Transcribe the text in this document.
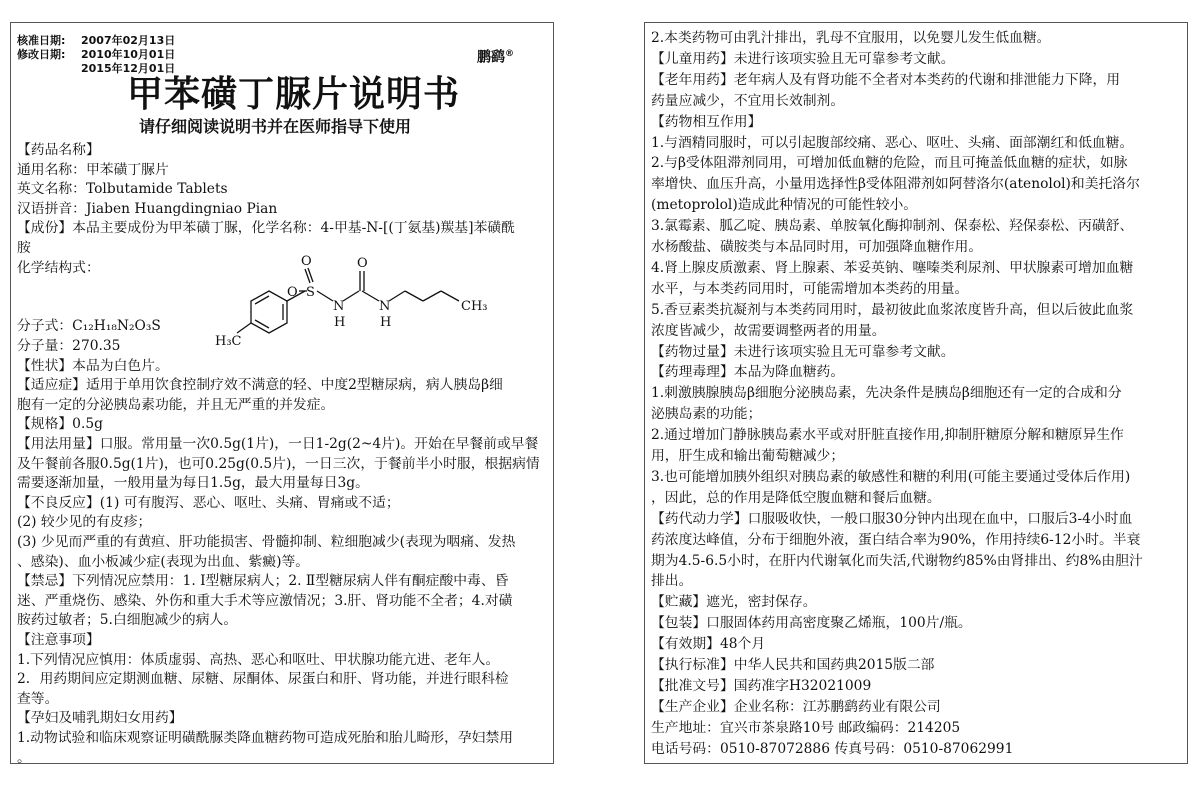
核准日期: 2007年02月13日
修改日期: 2010年10月01日
2015年12月01日
鹏鹞®
甲苯磺丁脲片说明书
请仔细阅读说明书并在医师指导下使用
【药品名称】
通用名称：甲苯磺丁脲片
英文名称：Tolbutamide Tablets
汉语拼音：Jiaben Huangdingniao Pian
【成份】本品主要成份为甲苯磺丁脲，化学名称：4-甲基-N-[(丁氨基)羰基]苯磺酰
胺
化学结构式：
分子式：C₁₂H₁₈N₂O₃S
分子量：270.35
【性状】本品为白色片。
【适应症】适用于单用饮食控制疗效不满意的轻、中度2型糖尿病，病人胰岛β细
胞有一定的分泌胰岛素功能，并且无严重的并发症。
【规格】0.5g
【用法用量】口服。常用量一次0.5g(1片)，一日1-2g(2~4片)。开始在早餐前或早餐
及午餐前各服0.5g(1片)，也可0.25g(0.5片)，一日三次，于餐前半小时服，根据病情
需要逐渐加量，一般用量为每日1.5g，最大用量每日3g。
【不良反应】(1) 可有腹泻、恶心、呕吐、头痛、胃痛或不适；
(2) 较少见的有皮疹；
(3) 少见而严重的有黄疸、肝功能损害、骨髓抑制、粒细胞减少(表现为咽痛、发热
、感染)、血小板减少症(表现为出血、紫癜)等。
【禁忌】下列情况应禁用：1. Ⅰ型糖尿病人；2. Ⅱ型糖尿病人伴有酮症酸中毒、昏
迷、严重烧伤、感染、外伤和重大手术等应激情况；3.肝、肾功能不全者；4.对磺
胺药过敏者；5.白细胞减少的病人。
【注意事项】
1.下列情况应慎用：体质虚弱、高热、恶心和呕吐、甲状腺功能亢进、老年人。
2．用药期间应定期测血糖、尿糖、尿酮体、尿蛋白和肝、肾功能，并进行眼科检
查等。
【孕妇及哺乳期妇女用药】
1.动物试验和临床观察证明磺酰脲类降血糖药物可造成死胎和胎儿畸形，孕妇禁用
。
O
O S
N
H
O
N
H
CH₃
H₃C
2.本类药物可由乳汁排出，乳母不宜服用，以免婴儿发生低血糖。
【儿童用药】未进行该项实验且无可靠参考文献。
【老年用药】老年病人及有肾功能不全者对本类药的代谢和排泄能力下降，用
药量应减少，不宜用长效制剂。
【药物相互作用】
1.与酒精同服时，可以引起腹部绞痛、恶心、呕吐、头痛、面部潮红和低血糖。
2.与β受体阻滞剂同用，可增加低血糖的危险，而且可掩盖低血糖的症状，如脉
率增快、血压升高，小量用选择性β受体阻滞剂如阿替洛尔(atenolol)和美托洛尔
(metoprolol)造成此种情况的可能性较小。
3.氯霉素、胍乙啶、胰岛素、单胺氧化酶抑制剂、保泰松、羟保泰松、丙磺舒、
水杨酸盐、磺胺类与本品同时用，可加强降血糖作用。
4.肾上腺皮质激素、肾上腺素、苯妥英钠、噻嗪类利尿剂、甲状腺素可增加血糖
水平，与本类药同用时，可能需增加本类药的用量。
5.香豆素类抗凝剂与本类药同用时，最初彼此血浆浓度皆升高，但以后彼此血浆
浓度皆减少，故需要调整两者的用量。
【药物过量】未进行该项实验且无可靠参考文献。
【药理毒理】本品为降血糖药。
1.刺激胰腺胰岛β细胞分泌胰岛素，先决条件是胰岛β细胞还有一定的合成和分
泌胰岛素的功能；
2.通过增加门静脉胰岛素水平或对肝脏直接作用,抑制肝糖原分解和糖原异生作
用，肝生成和输出葡萄糖减少；
3.也可能增加胰外组织对胰岛素的敏感性和糖的利用(可能主要通过受体后作用)
，因此，总的作用是降低空腹血糖和餐后血糖。
【药代动力学】口服吸收快，一般口服30分钟内出现在血中，口服后3-4小时血
药浓度达峰值，分布于细胞外液，蛋白结合率为90%，作用持续6-12小时。半衰
期为4.5-6.5小时，在肝内代谢氧化而失活,代谢物约85%由肾排出、约8%由胆汁
排出。
【贮藏】遮光，密封保存。
【包装】口服固体药用高密度聚乙烯瓶，100片/瓶。
【有效期】48个月
【执行标准】中华人民共和国药典2015版二部
【批准文号】国药准字H32021009
【生产企业】企业名称：江苏鹏鹞药业有限公司
生产地址：宜兴市茶泉路10号 邮政编码：214205
电话号码：0510-87072886 传真号码：0510-87062991
